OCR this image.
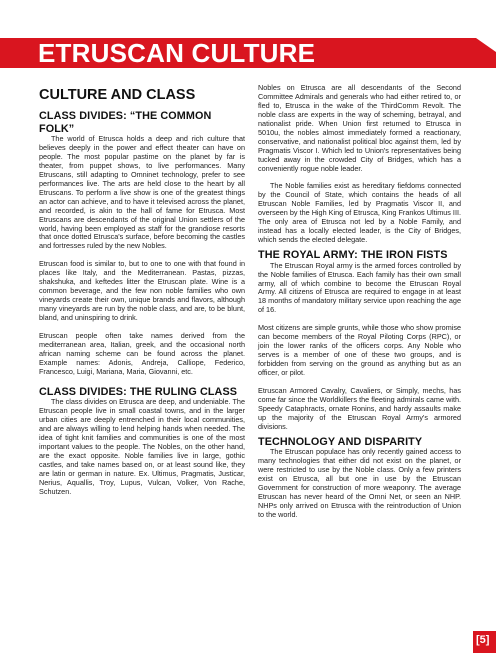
ETRUSCAN CULTURE
CULTURE AND CLASS
CLASS DIVIDES: “THE COMMON FOLK”

The world of Etrusca holds a deep and rich culture that believes deeply in the power and effect theater can have on people. The most popular pastime on the planet by far is theater, from puppet shows, to live performances. Many Etruscans, still adapting to Omninet technology, prefer to see performances live. The arts are held close to the heart by all Etruscans. To perform a live show is one of the greatest things an actor can achieve, and to have it televised across the planet, and recorded, is akin to the hall of fame for Etrusca. Most Etruscans are descendants of the original Union settlers of the world, having been employed as staff for the grandiose resorts that once dotted Etrusca's surface, before becoming the castles and fortresses ruled by the new Nobles.

Etruscan food is similar to, but to one to one with that found in places like Italy, and the Mediterranean. Pastas, pizzas, shakshuka, and keftedes litter the Etruscan plate. Wine is a common beverage, and the few non noble families who own vineyards create their own, unique brands and flavors, although many vineyards are run by the noble class, and are, to be blunt, bland, and uninspiring to drink.

Etruscan people often take names derived from the mediterranean area, Italian, greek, and the occasional north african naming scheme can be found across the planet. Example names: Adonis, Andreja, Calliope, Federico, Francesco, Luigi, Mariana, Maria, Giovanni, etc.

CLASS DIVIDES: THE RULING CLASS

The class divides on Etrusca are deep, and undeniable. The Etruscan people live in small coastal towns, and in the larger urban cities are deeply entrenched in their local communities, and are always willing to lend helping hands when needed. The idea of tight knit families and communities is one of the most important values to the people. The Nobles, on the other hand, are the exact opposite. Noble families live in large, gothic castles, and take names based on, or at least sound like, they are latin or german in nature. Ex. Ultimus, Pragmatis, Justicar, Nerius, Aquallis, Troy, Lupus, Vulcan, Volker, Von Rache, Schutzen.

Nobles on Etrusca are all descendants of the Second Committee Admirals and generals who had either retired to, or fled to, Etrusca in the wake of the ThirdComm Revolt. The noble class are experts in the way of scheming, betrayal, and nationalist pride. When Union first returned to Etrusca in 5010u, the nobles almost immediately formed a reactionary, conservative, and nationalist political bloc against them, led by Pragmatis Viscor I. Which led to Union's representatives being tucked away in the crowded City of Bridges, which has a conveniently rogue noble leader.

The Noble families exist as hereditary fiefdoms connected by the Council of State, which contains the heads of all Etruscan Noble Families, led by Pragmatis Viscor II, and overseen by the High King of Etrusca, King Frankos Ultimus III. The only area of Etrusca not led by a Noble Family, and instead has a locally elected leader, is the City of Bridges, which sends the elected delegate.

THE ROYAL ARMY: THE IRON FISTS

The Etruscan Royal army is the armed forces controlled by the Noble families of Etrusca. Each family has their own small army, all of which combine to become the Etruscan Royal Army. All citizens of Etrusca are required to engage in at least 18 months of mandatory military service upon reaching the age of 16.

Most citizens are simple grunts, while those who show promise can become members of the Royal Piloting Corps (RPC), or join the lower ranks of the officers corps. Any Noble who serves is a member of one of these two groups, and is forbidden from serving on the ground as anything but as an officer, or pilot.

Etruscan Armored Cavalry, Cavaliers, or Simply, mechs, has come far since the Worldkillers the fleeting admirals came with. Speedy Cataphracts, ornate Ronins, and hardy assaults make up the majority of the Etruscan Royal Army's armored divisions.

TECHNOLOGY AND DISPARITY

The Etruscan populace has only recently gained access to many technologies that either did not exist on the planet, or were restricted to use by the Noble class. Only a few printers exist on Etrusca, all but one in use by the Etruscan Government for construction of more weaponry. The average Etruscan has never heard of the Omni Net, or seen an NHP. NHPs only arrived on Etrusca with the reintroduction of Union to the world.

[5]
